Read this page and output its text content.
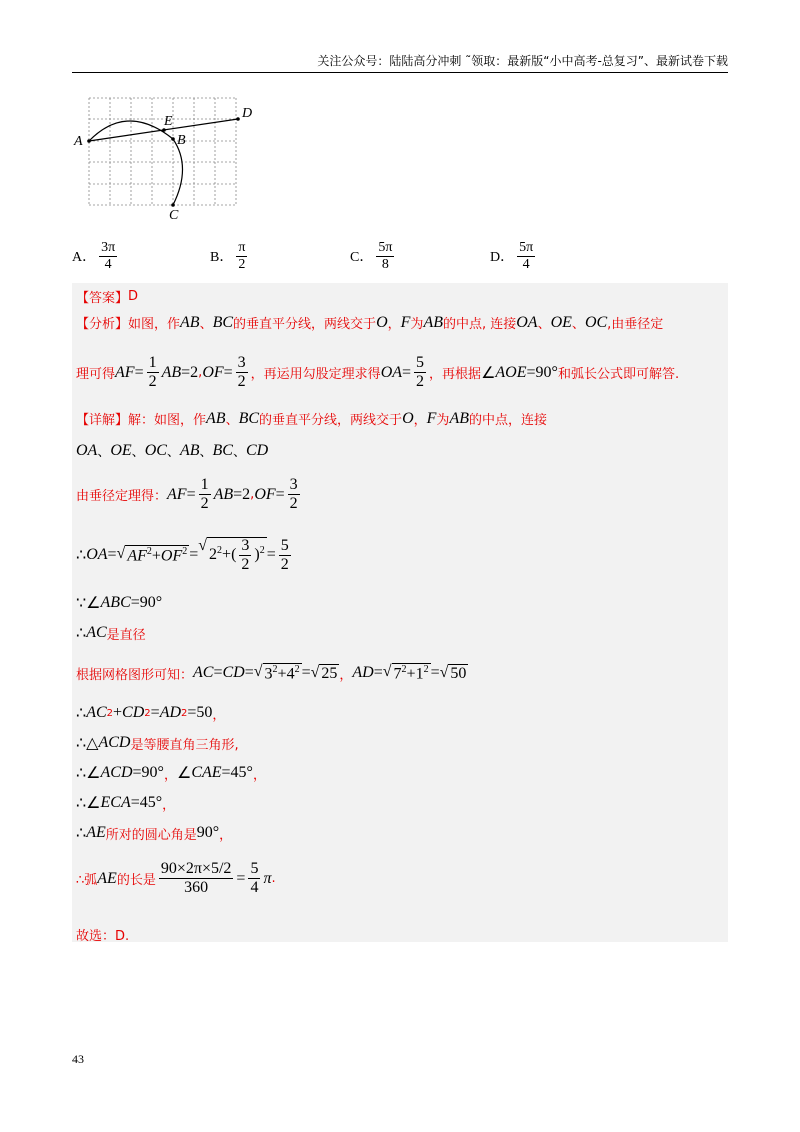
关注公众号：陆陆高分冲刺 ˜领取：最新版“小中高考-总复习”、最新试卷下载
A
D
B
C
E
A． $\frac{3\pi}{4}$	B． $\frac{\pi}{2}$	C． $\frac{5\pi}{8}$	D． $\frac{5\pi}{4}$
【答案】 D
【分析】 如图，作 AB 、 BC 的垂直平分线，两线交于 O ， F 为 AB 的中点, 连接 OA 、 OE 、 OC ,由垂径定
理可得 AF = $\frac{1}{2}$ AB =2 , OF = $\frac{3}{2}$ ，再运用勾股定理求得 OA = $\frac{5}{2}$ ，再根据 ∠ AOE =90° 和弧长公式即可解答.
【详解】 解：如图，作 AB 、 BC 的垂直平分线，两线交于 O ， F 为 AB 的中点，连接
OA 、 OE 、 OC 、 AB 、 BC 、 CD
由垂径定理得： AF = $\frac{1}{2}$ AB =2 , OF = $\frac{3}{2}$
∴ OA = √ $AF^2+OF^2$ =
√
$2^2+( \frac{3}{2} )^2 = \frac{5}{2}$
∵∠ ABC =90°
∴ AC 是直径
根据网格图形可知： AC = CD = √ $3^2+4^2$ = √ 25 ， AD = √ $7^2+1^2$ = √ 50
∴ AC 2 + CD 2 = AD 2 =50 ，
∴△ ACD 是等腰直角三角形,
∴∠ ACD =90° ， ∠ CAE =45° ，
∴∠ ECA =45° ，
∴ AE 所对的圆心角是 90° ，
∴弧 AE 的长是 $\frac{90\times 2\pi\times 5/2}{360} = \frac{5}{4}$ π .
故选：D.
43
